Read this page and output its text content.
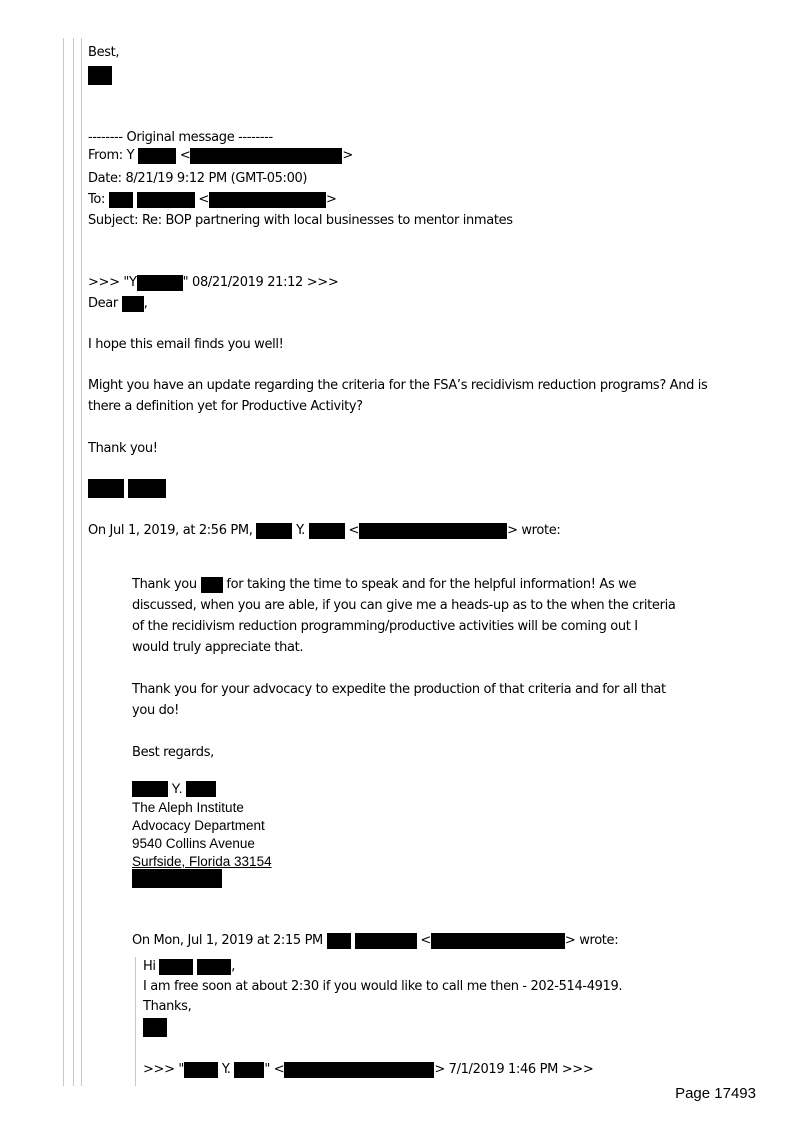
Best,
-------- Original message --------
From: Y	<	>
Date: 8/21/19 9:12 PM (GMT-05:00)
To:	<	>
Subject: Re: BOP partnering with local businesses to mentor inmates
>>> "Y	" 08/21/2019 21:12 >>>
Dear ,
I hope this email finds you well!
Might you have an update regarding the criteria for the FSA’s recidivism reduction programs? And is
there a definition yet for Productive Activity?
Thank you!
On Jul 1, 2019, at 2:56 PM,	Y.	<	> wrote:
Thank you for taking the time to speak and for the helpful information! As we
discussed, when you are able, if you can give me a heads-up as to the when the criteria
of the recidivism reduction programming/productive activities will be coming out I
would truly appreciate that.
Thank you for your advocacy to expedite the production of that criteria and for all that
you do!
Best regards,
Y.
The Aleph Institute
Advocacy Department
9540 Collins Avenue
Surfside, Florida 33154
On Mon, Jul 1, 2019 at 2:15 PM	<	> wrote:
Hi	,
I am free soon at about 2:30 if you would like to call me then - 202-514-4919.
Thanks,
>>> "	Y.	" <	> 7/1/2019 1:46 PM >>>
Page 17493
